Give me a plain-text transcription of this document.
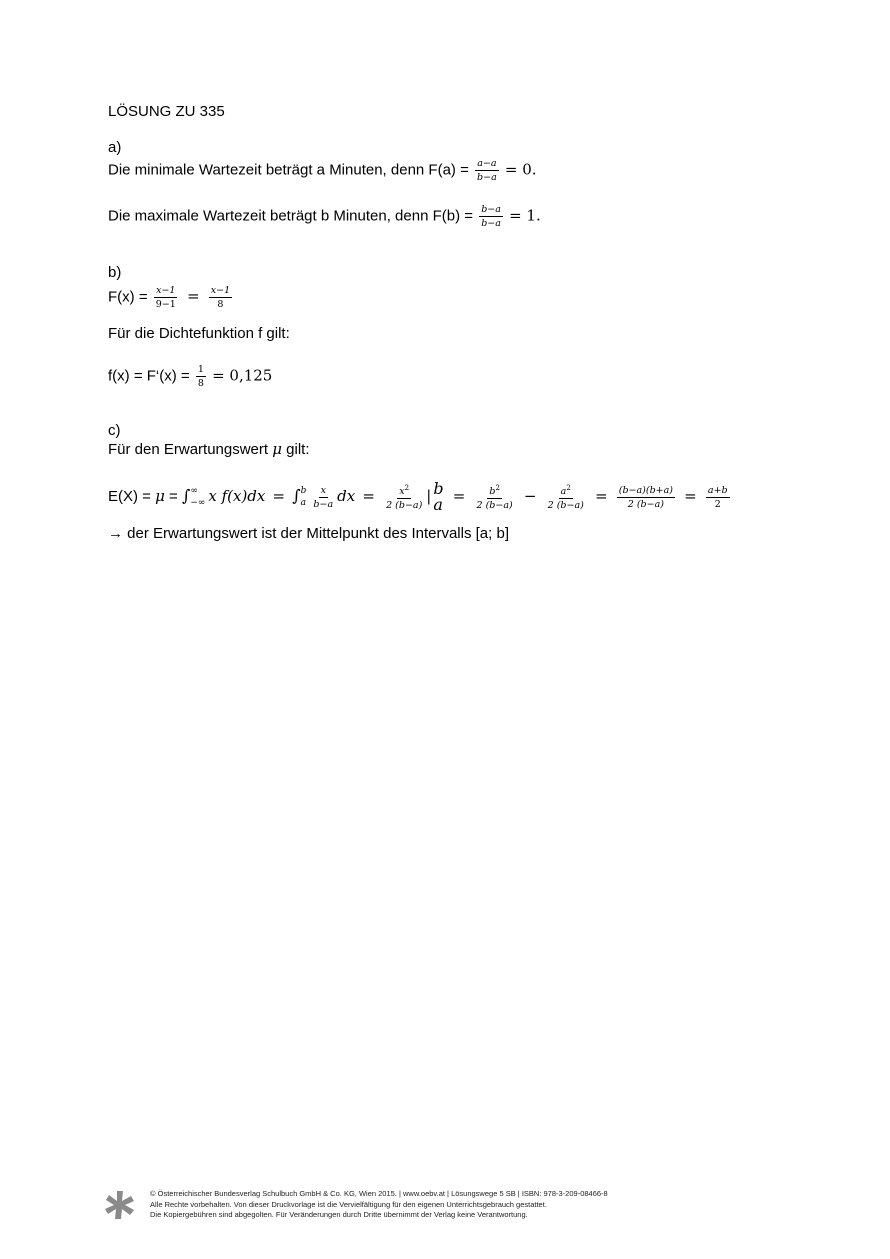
LÖSUNG ZU 335
a)
Die minimale Wartezeit beträgt a Minuten, denn $F(a) = \frac{a-a}{b-a} = 0$.
Die maximale Wartezeit beträgt b Minuten, denn $F(b) = \frac{b-a}{b-a} = 1$.
b)
$F(x) = \frac{x-1}{9-1} = \frac{x-1}{8}$
Für die Dichtefunktion f gilt:
f(x) = F‘(x) = $\frac{1}{8} = 0,125$
c)
Für den Erwartungswert μ gilt:
E(X) = μ = ∫ ∞
−∞ x f(x)dx = ∫ b
a $\frac{x}{b-a}$ dx = $\frac{x^2}{2 (b-a)}$ | b
$a = \frac{b^2}{2 (b-a)} - \frac{a^2}{2 (b-a)} = \frac{(b-a)(b+a)}{2 (b-a)} = \frac{a+b}{2}$
→ der Erwartungswert ist der Mittelpunkt des Intervalls [a; b]
© Österreichischer Bundesverlag Schulbuch GmbH & Co. KG, Wien 2015. | www.oebv.at | Lösungswege 5 SB | ISBN: 978-3-209-08466-8
Alle Rechte vorbehalten. Von dieser Druckvorlage ist die Vervielfältigung für den eigenen Unterrichtsgebrauch gestattet.
Die Kopiergebühren sind abgegolten. Für Veränderungen durch Dritte übernimmt der Verlag keine Verantwortung.
